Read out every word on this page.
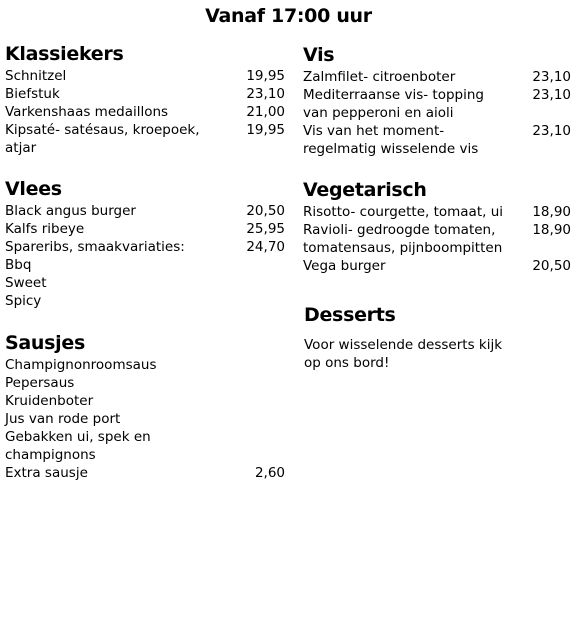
Vanaf 17:00 uur
Klassiekers
Schnitzel	19,95
Biefstuk	23,10
Varkenshaas medaillons	21,00
Kipsaté- satésaus, kroepoek,	19,95
atjar
Vlees
Black angus burger	20,50
Kalfs ribeye	25,95
Spareribs, smaakvariaties:	24,70
Bbq
Sweet
Spicy
Sausjes
Champignonroomsaus
Pepersaus
Kruidenboter
Jus van rode port
Gebakken ui, spek en
champignons
Extra sausje	2,60
Vis
Zalmfilet- citroenboter	23,10
Mediterraanse vis- topping	23,10
van pepperoni en aioli
Vis van het moment-	23,10
regelmatig wisselende vis
Vegetarisch
Risotto- courgette, tomaat, ui	18,90
Ravioli- gedroogde tomaten,	18,90
tomatensaus, pijnboompitten
Vega burger	20,50
Desserts

Voor wisselende desserts kijk

op ons bord!
